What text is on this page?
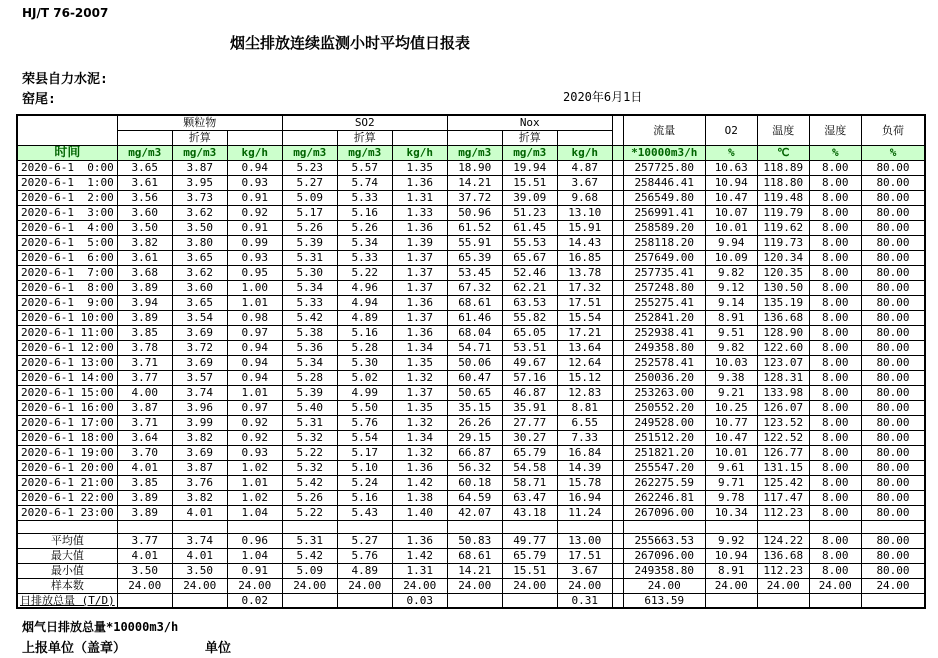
HJ/T 76-2007
烟尘排放连续监测小时平均值日报表
荣县自力水泥:
窑尾:	2020年6月1日
	颗粒物			SO2			Nox				流量	O2	温度	湿度	负荷
		折算			折算			折算							
时间	mg/m3	mg/m3	kg/h	mg/m3	mg/m3	kg/h	mg/m3	mg/m3	kg/h		*10000m3/h	%	℃	%	%
2020-6-1  0:00	3.65	3.87	0.94	5.23	5.57	1.35	18.90	19.94	4.87		257725.80	10.63	118.89	8.00	80.00
2020-6-1  1:00	3.61	3.95	0.93	5.27	5.74	1.36	14.21	15.51	3.67		258446.41	10.94	118.80	8.00	80.00
2020-6-1  2:00	3.56	3.73	0.91	5.09	5.33	1.31	37.72	39.09	9.68		256549.80	10.47	119.48	8.00	80.00
2020-6-1  3:00	3.60	3.62	0.92	5.17	5.16	1.33	50.96	51.23	13.10		256991.41	10.07	119.79	8.00	80.00
2020-6-1  4:00	3.50	3.50	0.91	5.26	5.26	1.36	61.52	61.45	15.91		258589.20	10.01	119.62	8.00	80.00
2020-6-1  5:00	3.82	3.80	0.99	5.39	5.34	1.39	55.91	55.53	14.43		258118.20	9.94	119.73	8.00	80.00
2020-6-1  6:00	3.61	3.65	0.93	5.31	5.33	1.37	65.39	65.67	16.85		257649.00	10.09	120.34	8.00	80.00
2020-6-1  7:00	3.68	3.62	0.95	5.30	5.22	1.37	53.45	52.46	13.78		257735.41	9.82	120.35	8.00	80.00
2020-6-1  8:00	3.89	3.60	1.00	5.34	4.96	1.37	67.32	62.21	17.32		257248.80	9.12	130.50	8.00	80.00
2020-6-1  9:00	3.94	3.65	1.01	5.33	4.94	1.36	68.61	63.53	17.51		255275.41	9.14	135.19	8.00	80.00
2020-6-1 10:00	3.89	3.54	0.98	5.42	4.89	1.37	61.46	55.82	15.54		252841.20	8.91	136.68	8.00	80.00
2020-6-1 11:00	3.85	3.69	0.97	5.38	5.16	1.36	68.04	65.05	17.21		252938.41	9.51	128.90	8.00	80.00
2020-6-1 12:00	3.78	3.72	0.94	5.36	5.28	1.34	54.71	53.51	13.64		249358.80	9.82	122.60	8.00	80.00
2020-6-1 13:00	3.71	3.69	0.94	5.34	5.30	1.35	50.06	49.67	12.64		252578.41	10.03	123.07	8.00	80.00
2020-6-1 14:00	3.77	3.57	0.94	5.28	5.02	1.32	60.47	57.16	15.12		250036.20	9.38	128.31	8.00	80.00
2020-6-1 15:00	4.00	3.74	1.01	5.39	4.99	1.37	50.65	46.87	12.83		253263.00	9.21	133.98	8.00	80.00
2020-6-1 16:00	3.87	3.96	0.97	5.40	5.50	1.35	35.15	35.91	8.81		250552.20	10.25	126.07	8.00	80.00
2020-6-1 17:00	3.71	3.99	0.92	5.31	5.76	1.32	26.26	27.77	6.55		249528.00	10.77	123.52	8.00	80.00
2020-6-1 18:00	3.64	3.82	0.92	5.32	5.54	1.34	29.15	30.27	7.33		251512.20	10.47	122.52	8.00	80.00
2020-6-1 19:00	3.70	3.69	0.93	5.22	5.17	1.32	66.87	65.79	16.84		251821.20	10.01	126.77	8.00	80.00
2020-6-1 20:00	4.01	3.87	1.02	5.32	5.10	1.36	56.32	54.58	14.39		255547.20	9.61	131.15	8.00	80.00
2020-6-1 21:00	3.85	3.76	1.01	5.42	5.24	1.42	60.18	58.71	15.78		262275.59	9.71	125.42	8.00	80.00
2020-6-1 22:00	3.89	3.82	1.02	5.26	5.16	1.38	64.59	63.47	16.94		262246.81	9.78	117.47	8.00	80.00
2020-6-1 23:00	3.89	4.01	1.04	5.22	5.43	1.40	42.07	43.18	11.24		267096.00	10.34	112.23	8.00	80.00

平均值	3.77	3.74	0.96	5.31	5.27	1.36	50.83	49.77	13.00		255663.53	9.92	124.22	8.00	80.00
最大值	4.01	4.01	1.04	5.42	5.76	1.42	68.61	65.79	17.51		267096.00	10.94	136.68	8.00	80.00
最小值	3.50	3.50	0.91	5.09	4.89	1.31	14.21	15.51	3.67		249358.80	8.91	112.23	8.00	80.00
样本数	24.00	24.00	24.00	24.00	24.00	24.00	24.00	24.00	24.00		24.00	24.00	24.00	24.00	24.00
日排放总量 (T/D)			0.02			0.03			0.31		613.59				
烟气日排放总量*10000m3/h
上报单位（盖章）	单位
